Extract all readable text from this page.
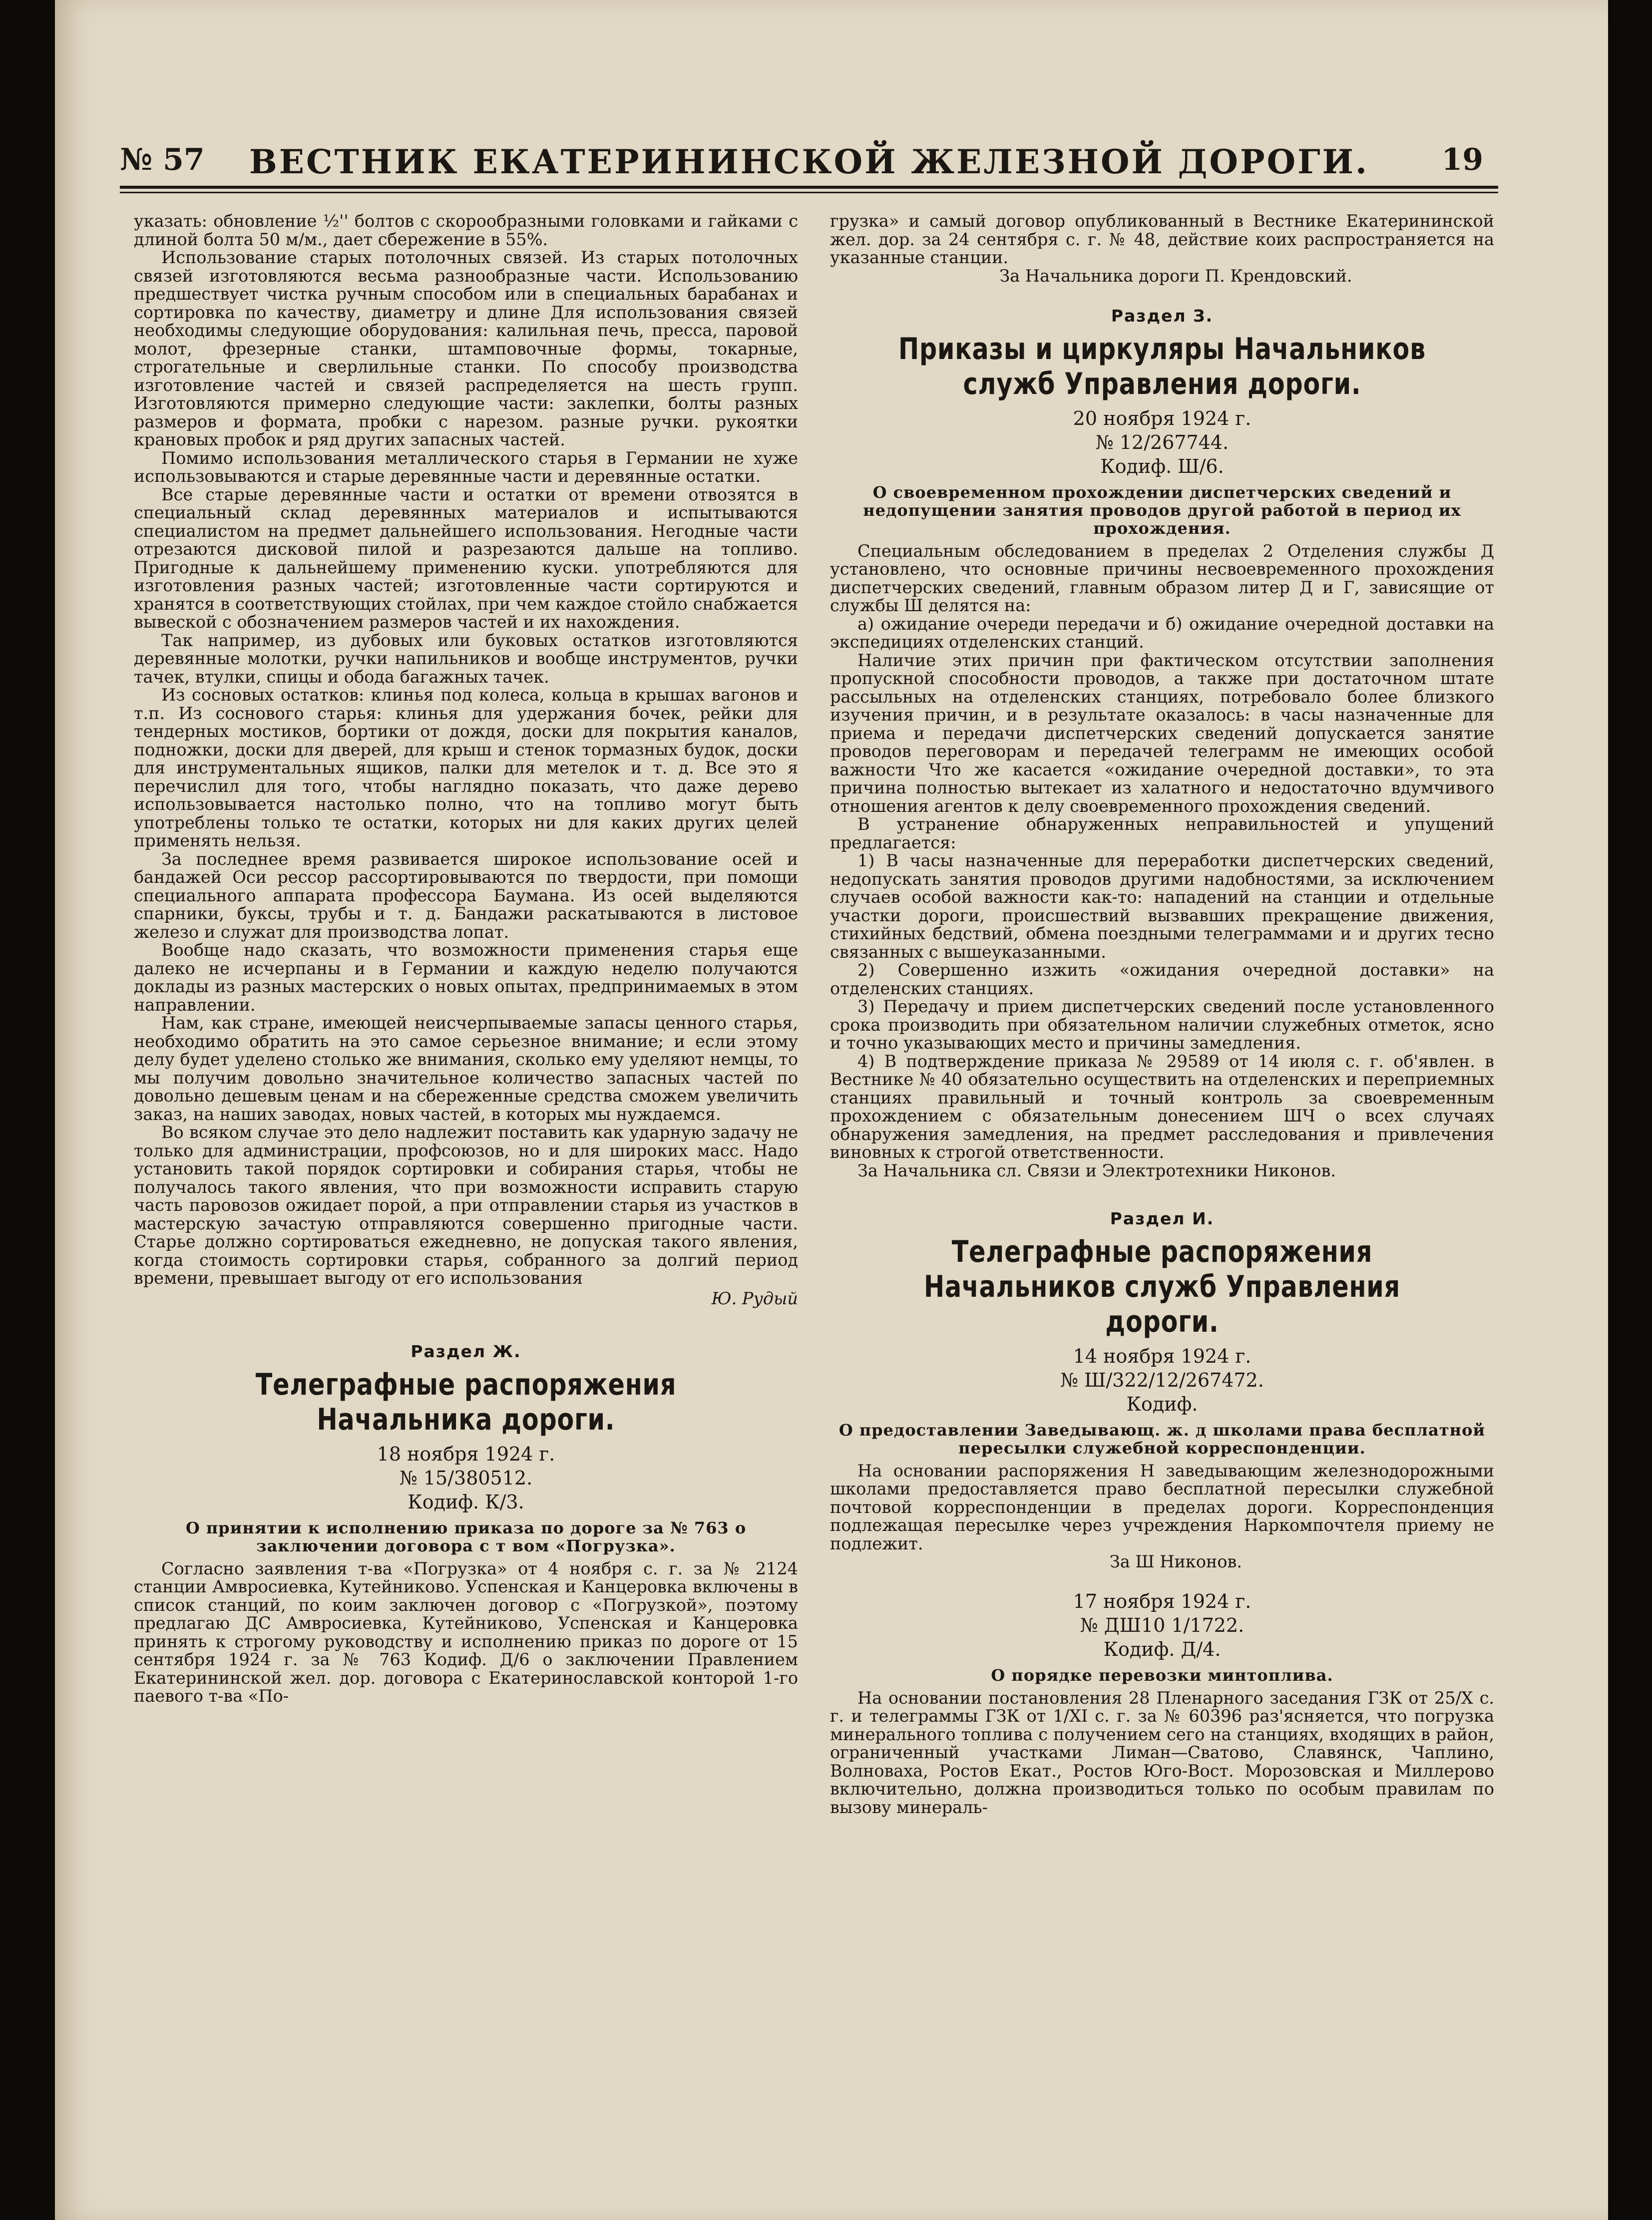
№ 57	ВЕСТНИК ЕКАТЕРИНИНСКОЙ ЖЕЛЕЗНОЙ ДОРОГИ.	19

указать: обновление ½'' болтов с скорообразными головками и гайками с длиной болта 50 м/м., дает сбережение в 55%.

Использование старых потолочных связей. Из старых потолочных связей изготовляются весьма разнообразные части. Использованию предшествует чистка ручным способом или в специальных барабанах и сортировка по качеству, диаметру и длине Для использования связей необходимы следующие оборудования: калильная печь, пресса, паровой молот, фрезерные станки, штамповочные формы, токарные, строгательные и сверлильные станки. По способу производства изготовление частей и связей распределяется на шесть групп. Изготовляются примерно следующие части: заклепки, болты разных размеров и формата, пробки с нарезом. разные ручки. рукоятки крановых пробок и ряд других запасных частей.

Помимо использования металлического старья в Германии не хуже использовываются и старые деревянные части и деревянные остатки.

Все старые деревянные части и остатки от времени отвозятся в специальный склад деревянных материалов и испытываются специалистом на предмет дальнейшего использования. Негодные части отрезаются дисковой пилой и разрезаются дальше на топливо. Пригодные к дальнейшему применению куски. употребляются для изготовления разных частей; изготовленные части сортируются и хранятся в соответствующих стойлах, при чем каждое стойло снабжается вывеской с обозначением размеров частей и их нахождения.

Так например, из дубовых или буковых остатков изготовляются деревянные молотки, ручки напильников и вообще инструментов, ручки тачек, втулки, спицы и обода багажных тачек.

Из сосновых остатков: клинья под колеса, кольца в крышах вагонов и т.п. Из соснового старья: клинья для удержания бочек, рейки для тендерных мостиков, бортики от дождя, доски для покрытия каналов, подножки, доски для дверей, для крыш и стенок тормазных будок, доски для инструментальных ящиков, палки для метелок и т. д. Все это я перечислил для того, чтобы наглядно показать, что даже дерево использовывается настолько полно, что на топливо могут быть употреблены только те остатки, которых ни для каких других целей применять нельзя.

За последнее время развивается широкое использование осей и бандажей Оси рессор рассортировываются по твердости, при помощи специального аппарата профессора Баумана. Из осей выделяются спарники, буксы, трубы и т. д. Бандажи раскатываются в листовое железо и служат для производства лопат.

Вообще надо сказать, что возможности применения старья еще далеко не исчерпаны и в Германии и каждую неделю получаются доклады из разных мастерских о новых опытах, предпринимаемых в этом направлении.

Нам, как стране, имеющей неисчерпываемые запасы ценного старья, необходимо обратить на это самое серьезное внимание; и если этому делу будет уделено столько же внимания, сколько ему уделяют немцы, то мы получим довольно значительное количество запасных частей по довольно дешевым ценам и на сбереженные средства сможем увеличить заказ, на наших заводах, новых частей, в которых мы нуждаемся.

Во всяком случае это дело надлежит поставить как ударную задачу не только для администрации, профсоюзов, но и для широких масс. Надо установить такой порядок сортировки и собирания старья, чтобы не получалось такого явления, что при возможности исправить старую часть паровозов ожидает порой, а при отправлении старья из участков в мастерскую зачастую отправляются совершенно пригодные части. Старье должно сортироваться ежедневно, не допуская такого явления, когда стоимость сортировки старья, собранного за долгий период времени, превышает выгоду от его использования

Ю. Рудый

Раздел Ж.
Телеграфные распоряжения Начальника дороги.
18 ноября 1924 г.
№ 15/380512.
Кодиф. К/3.
О принятии к исполнению приказа по дороге за № 763 о заключении договора с т вом «Погрузка».

Согласно заявления т-ва «Погрузка» от 4 ноября с. г. за № 2124 станции Амвросиевка, Кутейниково. Успенская и Канцеровка включены в список станций, по коим заключен договор с «Погрузкой», поэтому предлагаю ДС Амвросиевка, Кутейниково, Успенская и Канцеровка принять к строгому руководству и исполнению приказ по дороге от 15 сентября 1924 г. за № 763 Кодиф. Д/6 о заключении Правлением Екатерининской жел. дор. договора с Екатеринославской конторой 1-го паевого т-ва «По-

грузка» и самый договор опубликованный в Вестнике Екатерининской жел. дор. за 24 сентября с. г. № 48, действие коих распространяется на указанные станции.

За Начальника дороги П. Крендовский.

Раздел З.
Приказы и циркуляры Начальников служб Управления дороги.
20 ноября 1924 г.
№ 12/267744.
Кодиф. Ш/6.
О своевременном прохождении диспетчерских сведений и недопущении занятия проводов другой работой в период их прохождения.

Специальным обследованием в пределах 2 Отделения службы Д установлено, что основные причины несвоевременного прохождения диспетчерских сведений, главным образом литер Д и Г, зависящие от службы Ш делятся на:

а) ожидание очереди передачи и б) ожидание очередной доставки на экспедициях отделенских станций.

Наличие этих причин при фактическом отсутствии заполнения пропускной способности проводов, а также при достаточном штате рассыльных на отделенских станциях, потребовало более близкого изучения причин, и в результате оказалось: в часы назначенные для приема и передачи диспетчерских сведений допускается занятие проводов переговорам и передачей телеграмм не имеющих особой важности Что же касается «ожидание очередной доставки», то эта причина полностью вытекает из халатного и недостаточно вдумчивого отношения агентов к делу своевременного прохождения сведений.

В устранение обнаруженных неправильностей и упущений предлагается:

1) В часы назначенные для переработки диспетчерских сведений, недопускать занятия проводов другими надобностями, за исключением случаев особой важности как-то: нападений на станции и отдельные участки дороги, происшествий вызвавших прекращение движения, стихийных бедствий, обмена поездными телеграммами и и других тесно связанных с вышеуказанными.

2) Совершенно изжить «ожидания очередной доставки» на отделенских станциях.

3) Передачу и прием диспетчерских сведений после установленного срока производить при обязательном наличии служебных отметок, ясно и точно указывающих место и причины замедления.

4) В подтверждение приказа № 29589 от 14 июля с. г. об'явлен. в Вестнике № 40 обязательно осуществить на отделенских и переприемных станциях правильный и точный контроль за своевременным прохождением с обязательным донесением ШЧ о всех случаях обнаружения замедления, на предмет расследования и привлечения виновных к строгой ответственности.

За Начальника сл. Связи и Электротехники Никонов.

Раздел И.
Телеграфные распоряжения Начальников служб Управления дороги.
14 ноября 1924 г.
№ Ш/322/12/267472.
Кодиф.
О предоставлении Заведывающ. ж. д школами права бесплатной пересылки служебной корреспонденции.

На основании распоряжения Н заведывающим железнодорожными школами предоставляется право бесплатной пересылки служебной почтовой корреспонденции в пределах дороги. Корреспонденция подлежащая пересылке через учреждения Наркомпочтеля приему не подлежит.

За Ш Никонов.

17 ноября 1924 г.
№ ДШ10 1/1722.
Кодиф. Д/4.
О порядке перевозки минтоплива.

На основании постановления 28 Пленарного заседания ГЗК от 25/X с. г. и телеграммы ГЗК от 1/XI с. г. за № 60396 раз'ясняется, что погрузка минерального топлива с получением сего на станциях, входящих в район, ограниченный участками Лиман—Сватово, Славянск, Чаплино, Волноваха, Ростов Екат., Ростов Юго-Вост. Морозовская и Миллерово включительно, должна производиться только по особым правилам по вызову минераль-
